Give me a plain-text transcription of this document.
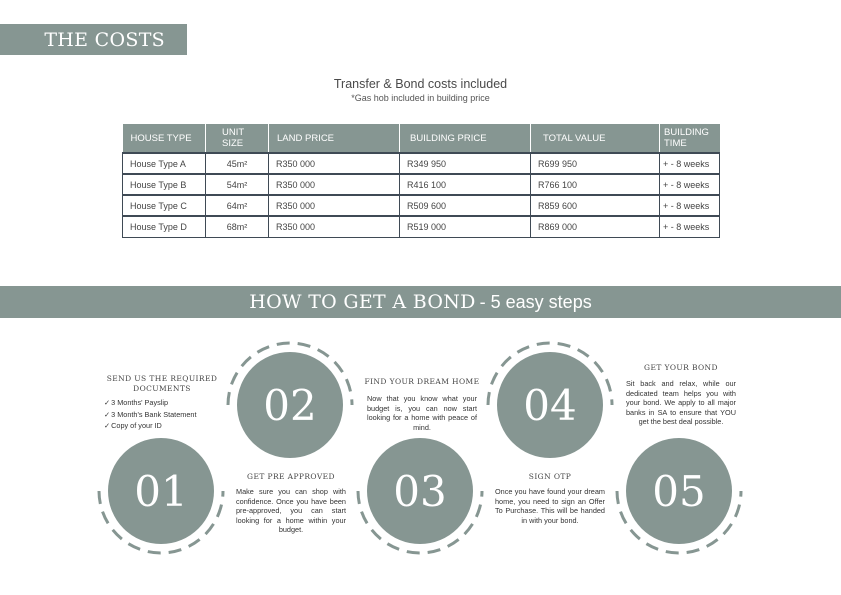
THE COSTS
Transfer & Bond costs included
*Gas hob included in building price
HOUSE TYPE	UNIT SIZE	LAND PRICE	BUILDING PRICE	TOTAL VALUE	BUILDING TIME
House Type A	45m²	R350 000	R349 950	R699 950	+ - 8 weeks
House Type B	54m²	R350 000	R416 100	R766 100	+ - 8 weeks
House Type C	64m²	R350 000	R509 600	R859 600	+ - 8 weeks
House Type D	68m²	R350 000	R519 000	R869 000	+ - 8 weeks
HOW TO GET A BOND - 5 easy steps
01
02
03
04
05
SEND US THE REQUIRED DOCUMENTS
✓3 Months' Payslip
✓3 Month's Bank Statement
✓Copy of your ID
GET PRE APPROVED
Make sure you can shop with confidence. Once you have been pre-approved, you can start looking for a home within your budget.
FIND YOUR DREAM HOME
Now that you know what your budget is, you can now start looking for a home with peace of mind.
SIGN OTP
Once you have found your dream home, you need to sign an Offer To Purchase. This will be handed in with your bond.
GET YOUR BOND
Sit back and relax, while our dedicated team helps you with your bond. We apply to all major banks in SA to ensure that YOU get the best deal possible.
